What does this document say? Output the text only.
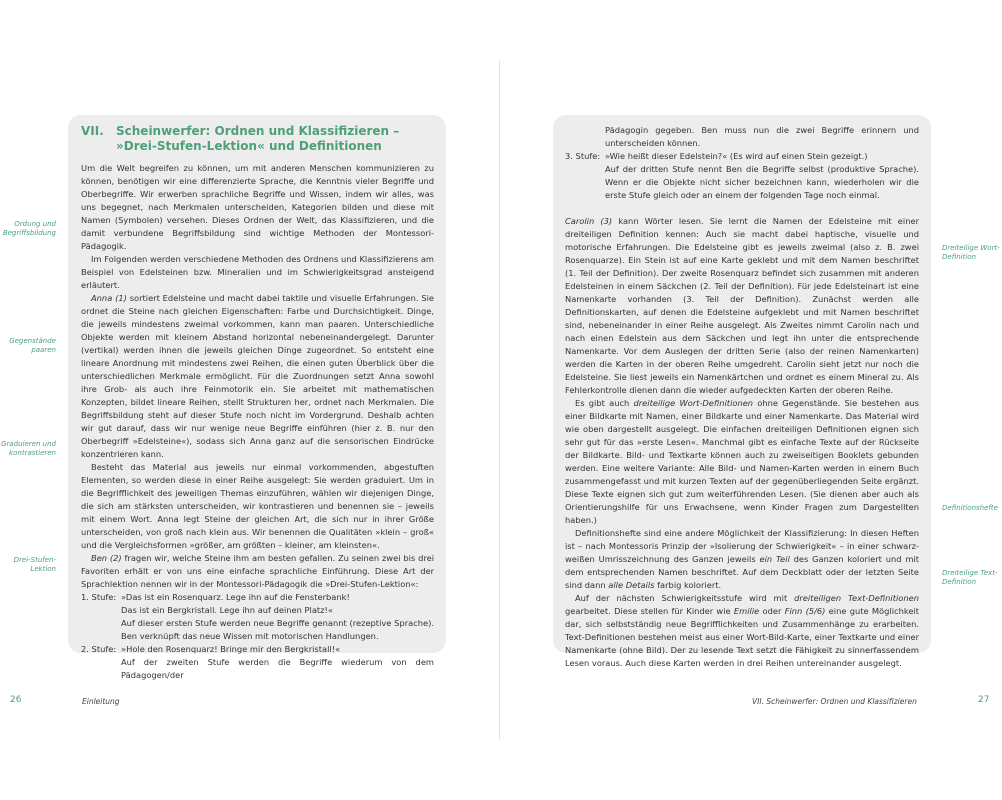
VII. Scheinwerfer: Ordnen und Klassifizieren –
»Drei-Stufen-Lektion« und Definitionen

Um die Welt begreifen zu können, um mit anderen Menschen kommunizieren zu können, benötigen wir eine differenzierte Sprache, die Kenntnis vieler Begriffe und Oberbegriffe. Wir erwerben sprachliche Begriffe und Wissen, indem wir alles, was uns begegnet, nach Merkmalen unterscheiden, Kategorien bilden und diese mit Namen (Symbolen) versehen. Dieses Ordnen der Welt, das Klassifizieren, und die damit verbundene Begriffsbildung sind wichtige Methoden der Montessori-Pädagogik.

Im Folgenden werden verschiedene Methoden des Ordnens und Klassifizierens am Beispiel von Edelsteinen bzw. Mineralien und im Schwierigkeitsgrad ansteigend erläutert.

Anna (1) sortiert Edelsteine und macht dabei taktile und visuelle Erfahrungen. Sie ordnet die Steine nach gleichen Eigenschaften: Farbe und Durchsichtigkeit. Dinge, die jeweils mindestens zweimal vorkommen, kann man paaren. Unterschiedliche Objekte werden mit kleinem Abstand horizontal nebeneinandergelegt. Darunter (vertikal) werden ihnen die jeweils gleichen Dinge zugeordnet. So entsteht eine lineare Anordnung mit mindestens zwei Reihen, die einen guten Überblick über die unterschiedlichen Merkmale ermöglicht. Für die Zuordnungen setzt Anna sowohl ihre Grob- als auch ihre Feinmotorik ein. Sie arbeitet mit mathematischen Konzepten, bildet lineare Reihen, stellt Strukturen her, ordnet nach Merkmalen. Die Begriffsbildung steht auf dieser Stufe noch nicht im Vordergrund. Deshalb achten wir gut darauf, dass wir nur wenige neue Begriffe einführen (hier z. B. nur den Oberbegriff »Edelsteine«), sodass sich Anna ganz auf die sensorischen Eindrücke konzentrieren kann.

Besteht das Material aus jeweils nur einmal vorkommenden, abgestuften Elementen, so werden diese in einer Reihe ausgelegt: Sie werden graduiert. Um in die Begrifflichkeit des jeweiligen Themas einzuführen, wählen wir diejenigen Dinge, die sich am stärksten unterscheiden, wir kontrastieren und benennen sie – jeweils mit einem Wort. Anna legt Steine der gleichen Art, die sich nur in ihrer Größe unterscheiden, von groß nach klein aus. Wir benennen die Qualitäten »klein – groß« und die Vergleichsformen »größer, am größten – kleiner, am kleinsten«.

Ben (2) fragen wir, welche Steine ihm am besten gefallen. Zu seinen zwei bis drei Favoriten erhält er von uns eine einfache sprachliche Einführung. Diese Art der Sprachlektion nennen wir in der Montessori-Pädagogik die »Drei-Stufen-Lektion«:

1. Stufe: »Das ist ein Rosenquarz. Lege ihn auf die Fensterbank!

Das ist ein Bergkristall. Lege ihn auf deinen Platz!«

Auf dieser ersten Stufe werden neue Begriffe genannt (rezeptive Sprache). Ben verknüpft das neue Wissen mit motorischen Handlungen.

2. Stufe: »Hole den Rosenquarz! Bringe mir den Bergkristall!«

Auf der zweiten Stufe werden die Begriffe wiederum von dem Pädagogen/der

Ordung und Begriffsbildung
Gegenstände paaren
Graduieren und kontrastieren
Drei-Stufen-Lektion
26	Einleitung
Pädagogin gegeben. Ben muss nun die zwei Begriffe erinnern und unterscheiden können.
3. Stufe: »Wie heißt dieser Edelstein?« (Es wird auf einen Stein gezeigt.)

Auf der dritten Stufe nennt Ben die Begriffe selbst (produktive Sprache). Wenn er die Objekte nicht sicher bezeichnen kann, wiederholen wir die erste Stufe gleich oder an einem der folgenden Tage noch einmal.

Carolin (3) kann Wörter lesen. Sie lernt die Namen der Edelsteine mit einer dreiteiligen Definition kennen: Auch sie macht dabei haptische, visuelle und motorische Erfahrungen. Die Edelsteine gibt es jeweils zweimal (also z. B. zwei Rosenquarze). Ein Stein ist auf eine Karte geklebt und mit dem Namen beschriftet (1. Teil der Definition). Der zweite Rosenquarz befindet sich zusammen mit anderen Edelsteinen in einem Säckchen (2. Teil der Definition). Für jede Edelsteinart ist eine Namenkarte vorhanden (3. Teil der Definition). Zunächst werden alle Definitionskarten, auf denen die Edelsteine aufgeklebt und mit Namen beschriftet sind, nebeneinander in einer Reihe ausgelegt. Als Zweites nimmt Carolin nach und nach einen Edelstein aus dem Säckchen und legt ihn unter die entsprechende Namenkarte. Vor dem Auslegen der dritten Serie (also der reinen Namenkarten) werden die Karten in der oberen Reihe umgedreht. Carolin sieht jetzt nur noch die Edelsteine. Sie liest jeweils ein Namenkärtchen und ordnet es einem Mineral zu. Als Fehlerkontrolle dienen dann die wieder aufgedeckten Karten der oberen Reihe.

Es gibt auch dreiteilige Wort-Definitionen ohne Gegenstände. Sie bestehen aus einer Bildkarte mit Namen, einer Bildkarte und einer Namenkarte. Das Material wird wie oben dargestellt ausgelegt. Die einfachen dreiteiligen Definitionen eignen sich sehr gut für das »erste Lesen«. Manchmal gibt es einfache Texte auf der Rückseite der Bildkarte. Bild- und Textkarte können auch zu zweiseitigen Booklets gebunden werden. Eine weitere Variante: Alle Bild- und Namen-Karten werden in einem Buch zusammengefasst und mit kurzen Texten auf der gegenüberliegenden Seite ergänzt. Diese Texte eignen sich gut zum weiterführenden Lesen. (Sie dienen aber auch als Orientierungshilfe für uns Erwachsene, wenn Kinder Fragen zum Dargestellten haben.)

Definitionshefte sind eine andere Möglichkeit der Klassifizierung: In diesen Heften ist – nach Montessoris Prinzip der »Isolierung der Schwierigkeit« – in einer schwarz-weißen Umrisszeichnung des Ganzen jeweils ein Teil des Ganzen koloriert und mit dem entsprechenden Namen beschriftet. Auf dem Deckblatt oder der letzten Seite sind dann alle Details farbig koloriert.

Auf der nächsten Schwierigkeitsstufe wird mit dreiteiligen Text-Definitionen gearbeitet. Diese stellen für Kinder wie Emilie oder Finn (5/6) eine gute Möglichkeit dar, sich selbstständig neue Begrifflichkeiten und Zusammenhänge zu erarbeiten. Text-Definitionen bestehen meist aus einer Wort-Bild-Karte, einer Textkarte und einer Namenkarte (ohne Bild). Der zu lesende Text setzt die Fähigkeit zu sinnerfassendem Lesen voraus. Auch diese Karten werden in drei Reihen untereinander ausgelegt.

Dreiteilige Wort-Definition
Definitionshefte
Dreiteilige Text-Definition
VII. Scheinwerfer: Ordnen und Klassifizieren	27
